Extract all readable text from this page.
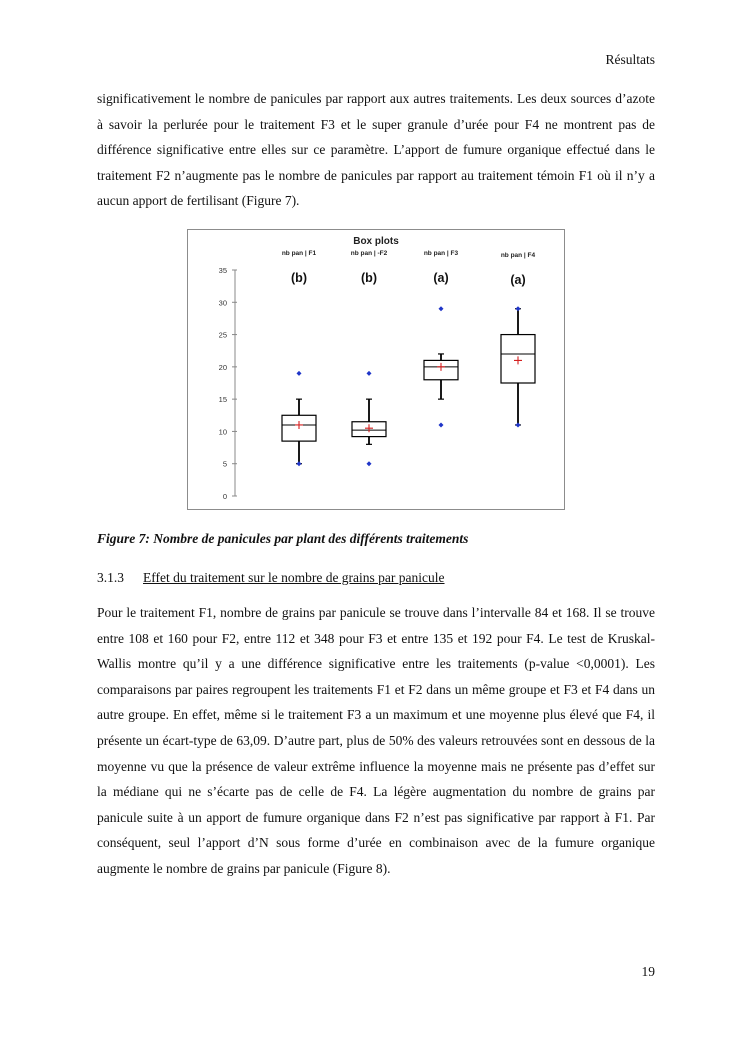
Résultats

significativement le nombre de panicules par rapport aux autres traitements. Les deux sources d’azote à savoir la perlurée pour le traitement F3 et le super granule d’urée pour F4 ne montrent pas de différence significative entre elles sur ce paramètre. L’apport de fumure organique effectué dans le traitement F2 n’augmente pas le nombre de panicules par rapport au traitement témoin F1 où il n’y a aucun apport de fertilisant (Figure 7).

Box plots
0
5
10
15
20
25
30
35
nb pan | F1
(b)
nb pan | -F2
(b)
nb pan | F3
(a)
nb pan | F4
(a)
Figure 7: Nombre de panicules par plant des différents traitements
3.1.3 Effet du traitement sur le nombre de grains par panicule

Pour le traitement F1, nombre de grains par panicule se trouve dans l’intervalle 84 et 168. Il se trouve entre 108 et 160 pour F2, entre 112 et 348 pour F3 et entre 135 et 192 pour F4. Le test de Kruskal-Wallis montre qu’il y a une différence significative entre les traitements (p-value <0,0001). Les comparaisons par paires regroupent les traitements F1 et F2 dans un même groupe et F3 et F4 dans un autre groupe. En effet, même si le traitement F3 a un maximum et une moyenne plus élevé que F4, il présente un écart-type de 63,09. D’autre part, plus de 50% des valeurs retrouvées sont en dessous de la moyenne vu que la présence de valeur extrême influence la moyenne mais ne présente pas d’effet sur la médiane qui ne s’écarte pas de celle de F4. La légère augmentation du nombre de grains par panicule suite à un apport de fumure organique dans F2 n’est pas significative par rapport à F1. Par conséquent, seul l’apport d’N sous forme d’urée en combinaison avec de la fumure organique augmente le nombre de grains par panicule (Figure 8).

19
